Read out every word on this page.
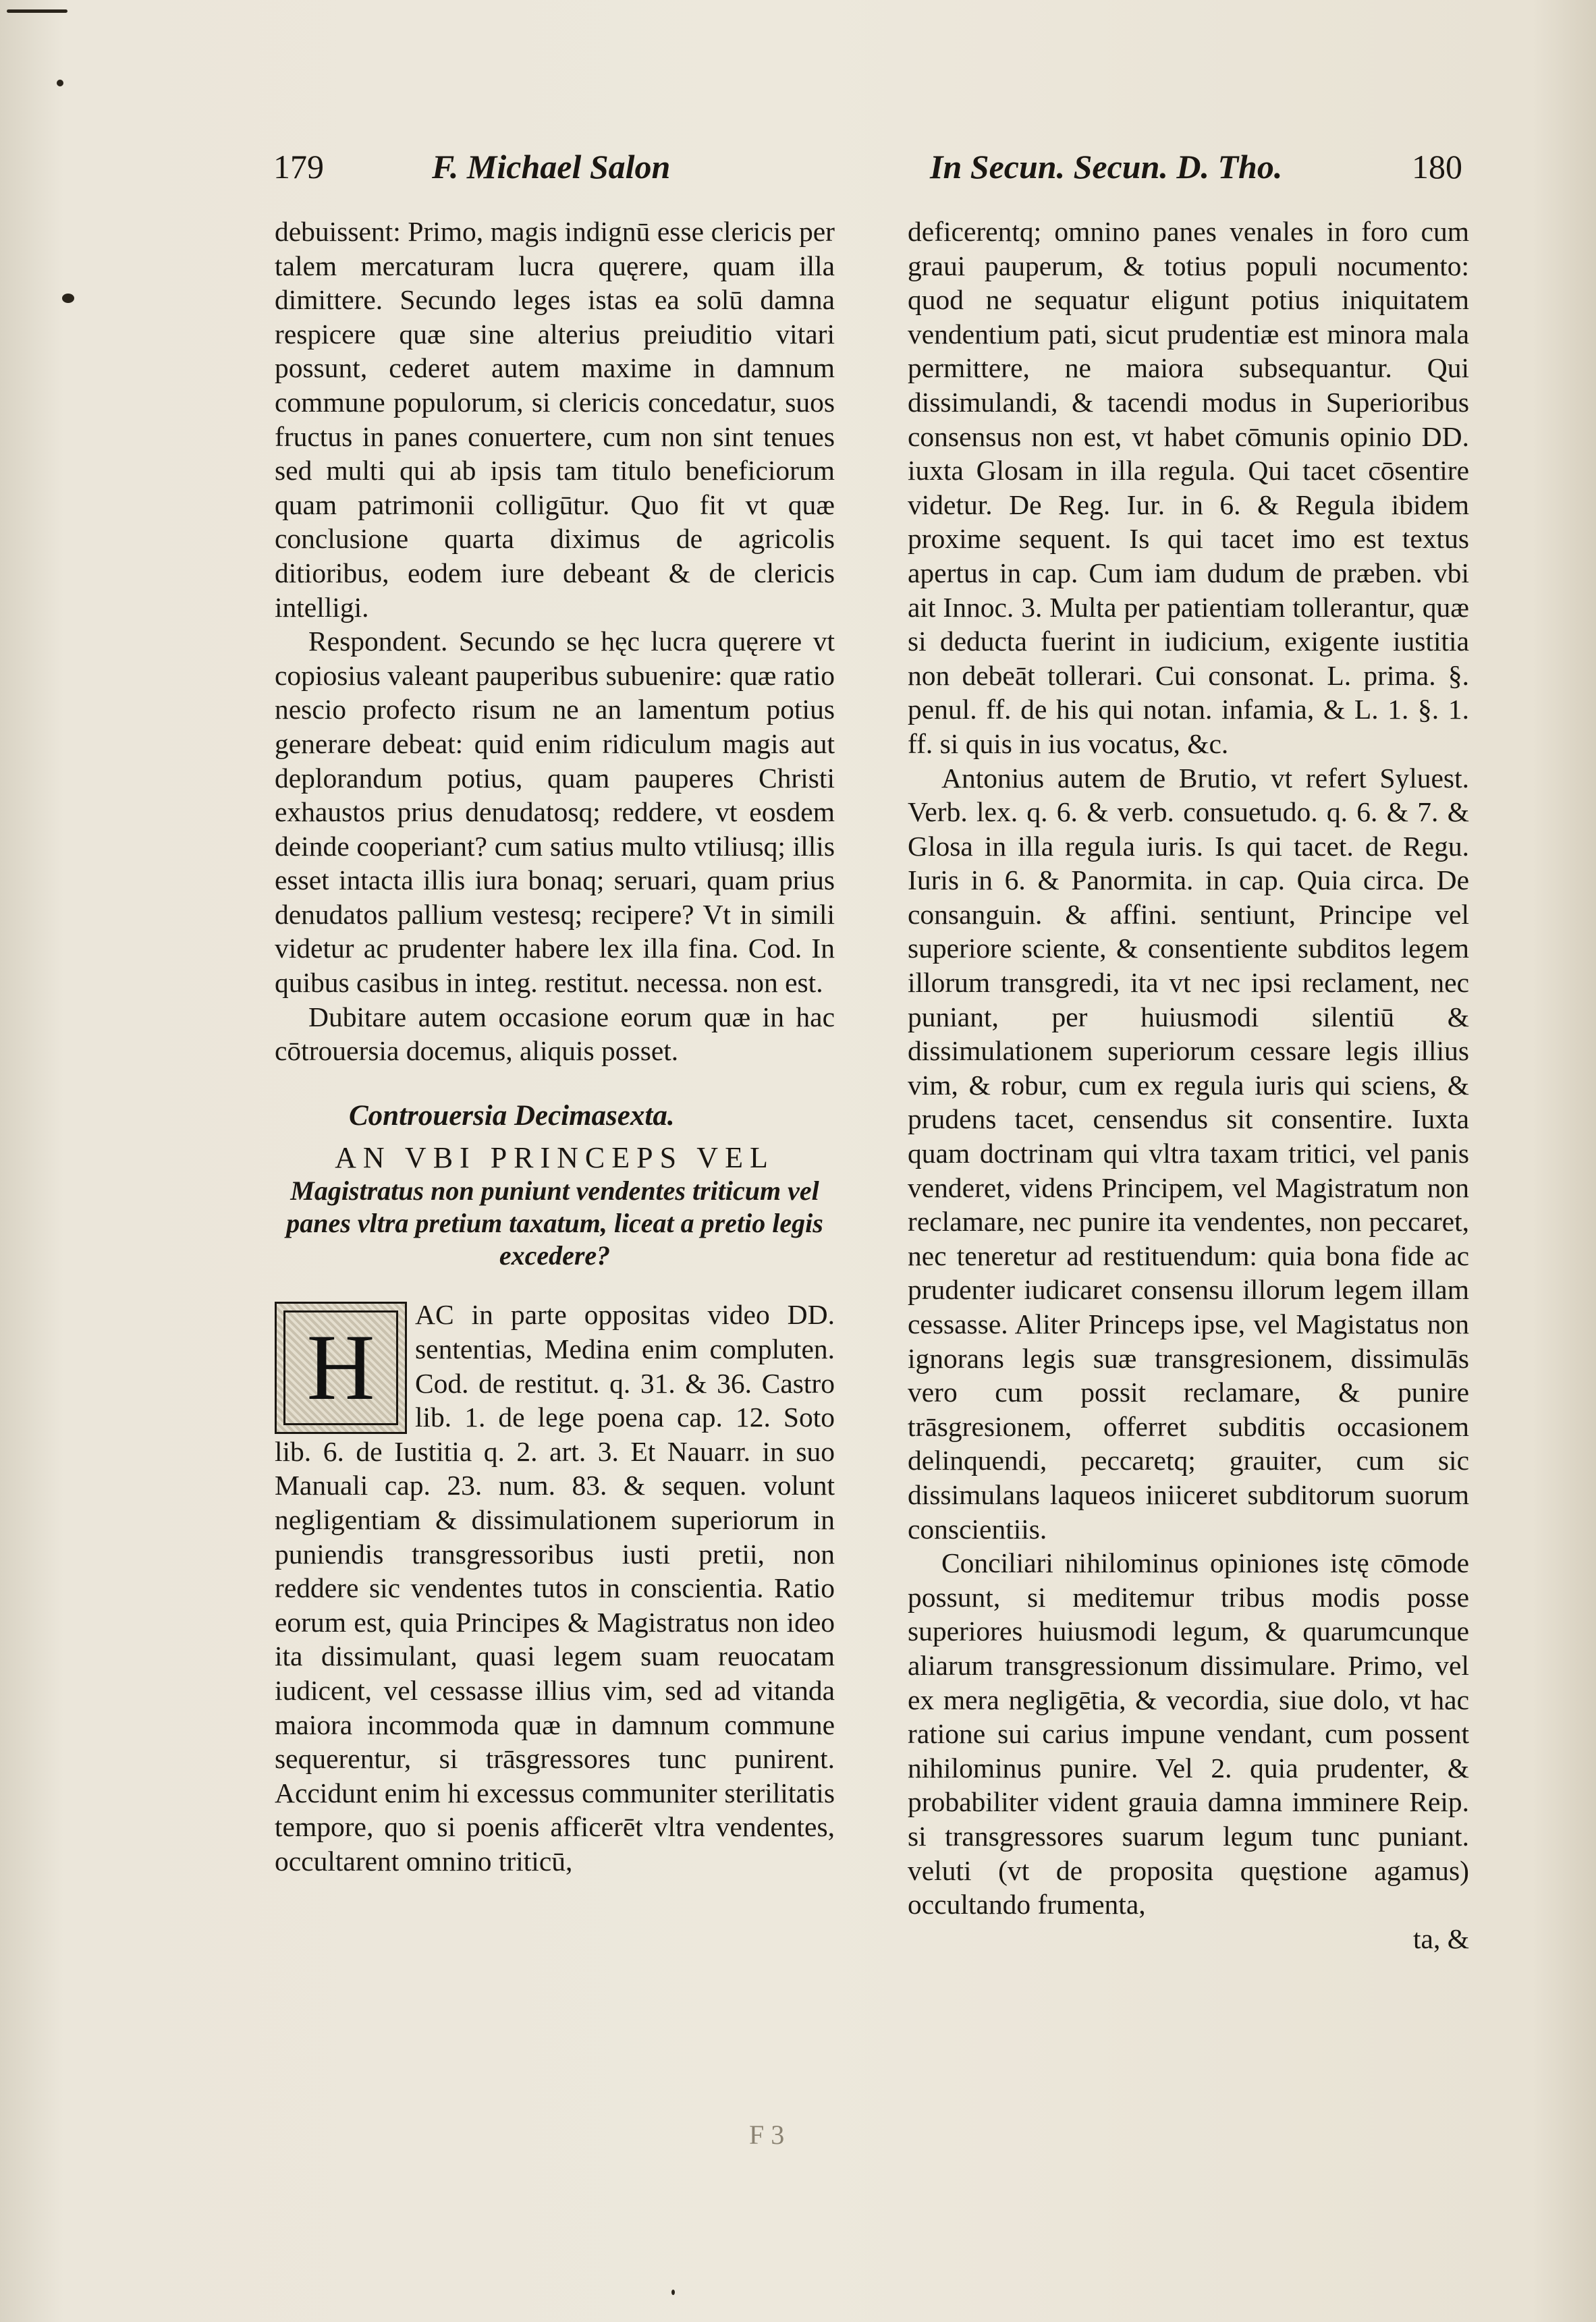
179	F. Michael Salon	In Secun. Secun. D. Tho.	180

debuissent: Primo, magis indignū esse clericis per talem mercaturam lucra quęrere, quam illa dimittere. Secundo leges istas ea solū damna respicere quæ sine alterius preiuditio vitari possunt, cederet autem maxime in damnum commune populorum, si clericis concedatur, suos fructus in panes conuertere, cum non sint tenues sed multi qui ab ipsis tam titulo beneficiorum quam patrimonii colligūtur. Quo fit vt quæ conclusione quarta diximus de agricolis ditioribus, eodem iure debeant & de clericis intelligi.

Respondent. Secundo se hęc lucra quęrere vt copiosius valeant pauperibus subuenire: quæ ratio nescio profecto risum ne an lamentum potius generare debeat: quid enim ridiculum magis aut deplorandum potius, quam pauperes Christi exhaustos prius denudatosq; reddere, vt eosdem deinde cooperiant? cum satius multo vtiliusq; illis esset intacta illis iura bonaq; seruari, quam prius denudatos pallium vestesq; recipere? Vt in simili videtur ac prudenter habere lex illa fina. Cod. In quibus casibus in integ. restitut. necessa. non est.

Dubitare autem occasione eorum quæ in hac cōtrouersia docemus, aliquis posset.

Controuersia Decimasexta.

AN VBI PRINCEPS VEL

Magistratus non puniunt vendentes triticum vel panes vltra pretium taxatum, liceat a pretio legis excedere?

H

AC in parte oppositas video DD. sententias, Medina enim compluten. Cod. de restitut. q. 31. & 36. Castro lib. 1. de lege poena cap. 12. Soto lib. 6. de Iustitia q. 2. art. 3. Et Nauarr. in suo Manuali cap. 23. num. 83. & sequen. volunt negligentiam & dissimulationem superiorum in puniendis transgressoribus iusti pretii, non reddere sic vendentes tutos in conscientia. Ratio eorum est, quia Principes & Magistratus non ideo ita dissimulant, quasi legem suam reuocatam iudicent, vel cessasse illius vim, sed ad vitanda maiora incommoda quæ in damnum commune sequerentur, si trāsgressores tunc punirent. Accidunt enim hi excessus communiter sterilitatis tempore, quo si poenis afficerēt vltra vendentes, occultarent omnino triticū,

deficerentq; omnino panes venales in foro cum graui pauperum, & totius populi nocumento: quod ne sequatur eligunt potius iniquitatem vendentium pati, sicut prudentiæ est minora mala permittere, ne maiora subsequantur. Qui dissimulandi, & tacendi modus in Superioribus consensus non est, vt habet cōmunis opinio DD. iuxta Glosam in illa regula. Qui tacet cōsentire videtur. De Reg. Iur. in 6. & Regula ibidem proxime sequent. Is qui tacet imo est textus apertus in cap. Cum iam dudum de præben. vbi ait Innoc. 3. Multa per patientiam tollerantur, quæ si deducta fuerint in iudicium, exigente iustitia non debeāt tollerari. Cui consonat. L. prima. §. penul. ff. de his qui notan. infamia, & L. 1. §. 1. ff. si quis in ius vocatus, &c.

Antonius autem de Brutio, vt refert Syluest. Verb. lex. q. 6. & verb. consuetudo. q. 6. & 7. & Glosa in illa regula iuris. Is qui tacet. de Regu. Iuris in 6. & Panormita. in cap. Quia circa. De consanguin. & affini. sentiunt, Principe vel superiore sciente, & consentiente subditos legem illorum transgredi, ita vt nec ipsi reclament, nec puniant, per huiusmodi silentiū & dissimulationem superiorum cessare legis illius vim, & robur, cum ex regula iuris qui sciens, & prudens tacet, censendus sit consentire. Iuxta quam doctrinam qui vltra taxam tritici, vel panis venderet, videns Principem, vel Magistratum non reclamare, nec punire ita vendentes, non peccaret, nec teneretur ad restituendum: quia bona fide ac prudenter iudicaret consensu illorum legem illam cessasse. Aliter Princeps ipse, vel Magistatus non ignorans legis suæ transgresionem, dissimulās vero cum possit reclamare, & punire trāsgresionem, offerret subditis occasionem delinquendi, peccaretq; grauiter, cum sic dissimulans laqueos iniiceret subditorum suorum conscientiis.

Conciliari nihilominus opiniones istę cōmode possunt, si meditemur tribus modis posse superiores huiusmodi legum, & quarumcunque aliarum transgressionum dissimulare. Primo, vel ex mera negligētia, & vecordia, siue dolo, vt hac ratione sui carius impune vendant, cum possent nihilominus punire. Vel 2. quia prudenter, & probabiliter vident grauia damna imminere Reip. si transgressores suarum legum tunc puniant. veluti (vt de proposita quęstione agamus) occultando frumenta,

ta, &

F 3
